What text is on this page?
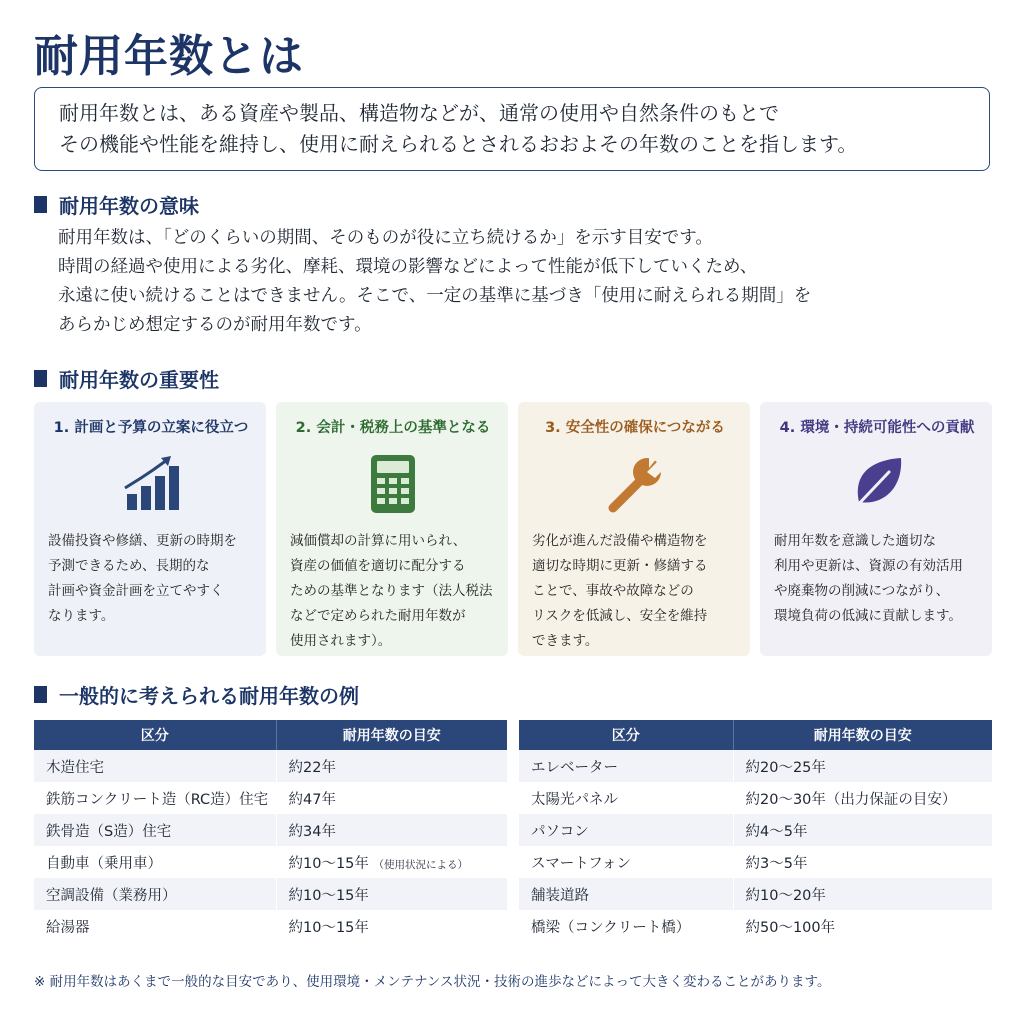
耐用年数とは

耐用年数とは、ある資産や製品、構造物などが、通常の使用や自然条件のもとで

その機能や性能を維持し、使用に耐えられるとされるおおよその年数のことを指します。

耐用年数の意味

耐用年数は、「どのくらいの期間、そのものが役に立ち続けるか」を示す目安です。

時間の経過や使用による劣化、摩耗、環境の影響などによって性能が低下していくため、

永遠に使い続けることはできません。そこで、一定の基準に基づき「使用に耐えられる期間」を

あらかじめ想定するのが耐用年数です。

耐用年数の重要性
1. 計画と予算の立案に役立つ

設備投資や修繕、更新の時期を

予測できるため、長期的な

計画や資金計画を立てやすく

なります。

2. 会計・税務上の基準となる

減価償却の計算に用いられ、

資産の価値を適切に配分する

ための基準となります（法人税法

などで定められた耐用年数が

使用されます）。

3. 安全性の確保につながる

劣化が進んだ設備や構造物を

適切な時期に更新・修繕する

ことで、事故や故障などの

リスクを低減し、安全を維持

できます。

4. 環境・持続可能性への貢献

耐用年数を意識した適切な

利用や更新は、資源の有効活用

や廃棄物の削減につながり、

環境負荷の低減に貢献します。

一般的に考えられる耐用年数の例
区分	耐用年数の目安
木造住宅	約22年
鉄筋コンクリート造（RC造）住宅	約47年
鉄骨造（S造）住宅	約34年
自動車（乗用車）	約10〜15年 （使用状況による）
空調設備（業務用）	約10〜15年
給湯器	約10〜15年
区分	耐用年数の目安
エレベーター	約20〜25年
太陽光パネル	約20〜30年（出力保証の目安）
パソコン	約4〜5年
スマートフォン	約3〜5年
舗装道路	約10〜20年
橋梁（コンクリート橋）	約50〜100年

※ 耐用年数はあくまで一般的な目安であり、使用環境・メンテナンス状況・技術の進歩などによって大きく変わることがあります。
